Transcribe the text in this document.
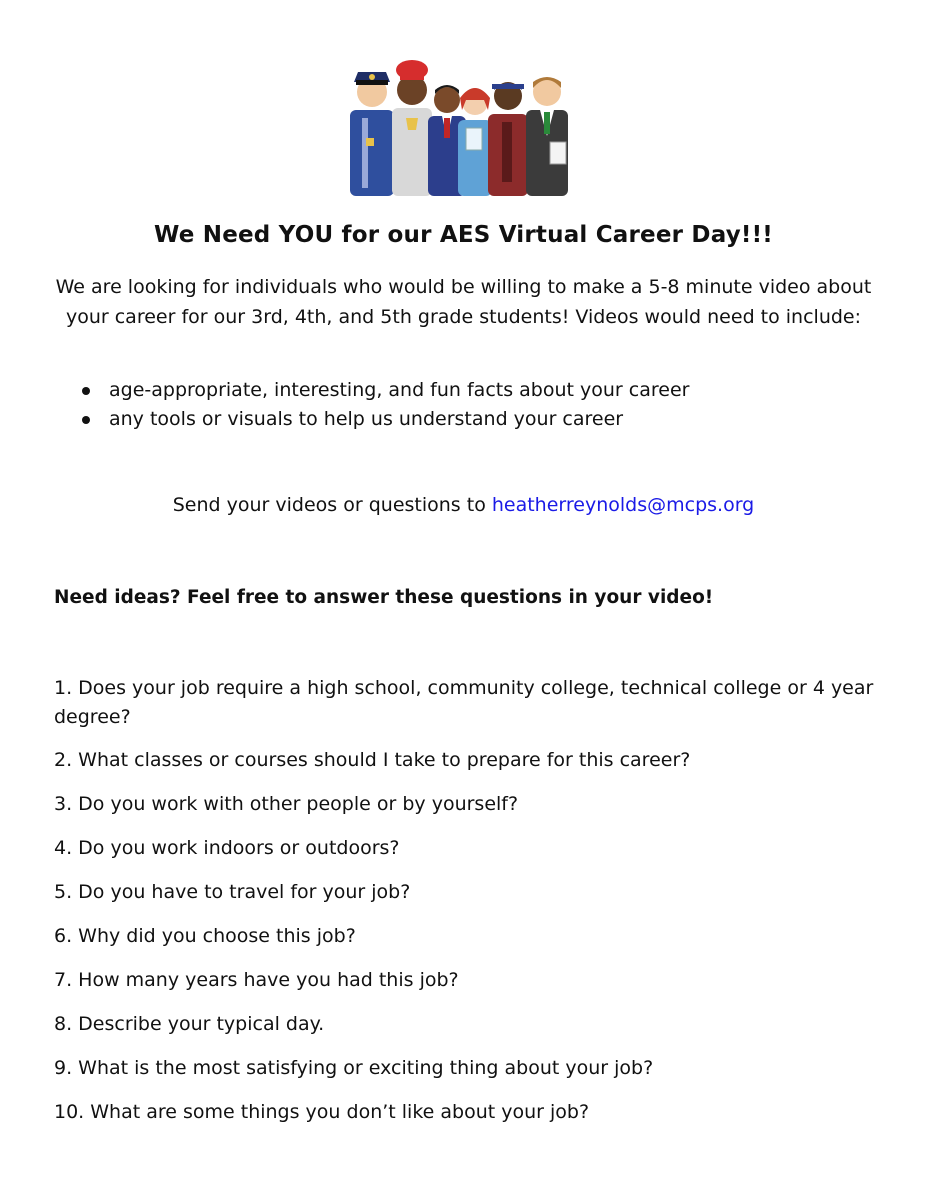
We Need YOU for our AES Virtual Career Day!!!
We are looking for individuals who would be willing to make a 5-8 minute video about your career for our 3rd, 4th, and 5th grade students! Videos would need to include:
age-appropriate, interesting, and fun facts about your career
any tools or visuals to help us understand your career
Send your videos or questions to heatherreynolds@mcps.org
Need ideas? Feel free to answer these questions in your video!
1. Does your job require a high school, community college, technical college or 4 year degree?
2. What classes or courses should I take to prepare for this career?
3. Do you work with other people or by yourself?
4. Do you work indoors or outdoors?
5. Do you have to travel for your job?
6. Why did you choose this job?
7. How many years have you had this job?
8. Describe your typical day.
9. What is the most satisfying or exciting thing about your job?
10. What are some things you don’t like about your job?
